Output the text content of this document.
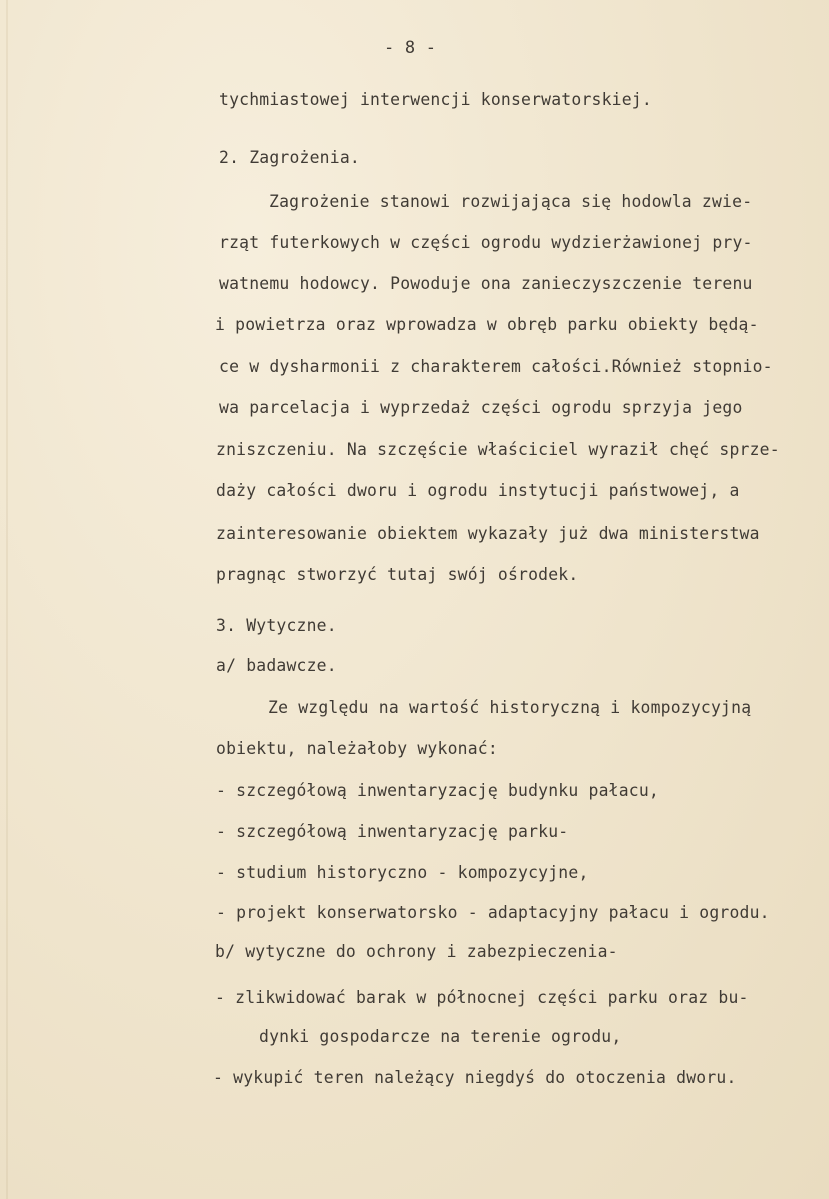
- 8 -
tychmiastowej interwencji konserwatorskiej.
2. Zagrożenia.
Zagrożenie stanowi rozwijająca się hodowla zwie-
rząt futerkowych w części ogrodu wydzierżawionej pry-
watnemu hodowcy. Powoduje ona zanieczyszczenie terenu
i powietrza oraz wprowadza w obręb parku obiekty będą-
ce w dysharmonii z charakterem całości.Również stopnio-
wa parcelacja i wyprzedaż części ogrodu sprzyja jego
zniszczeniu. Na szczęście właściciel wyraził chęć sprze-
daży całości dworu i ogrodu instytucji państwowej, a
zainteresowanie obiektem wykazały już dwa ministerstwa
pragnąc stworzyć tutaj swój ośrodek.
3. Wytyczne.
a/ badawcze.
Ze względu na wartość historyczną i kompozycyjną
obiektu, należałoby wykonać:
- szczegółową inwentaryzację budynku pałacu,
- szczegółową inwentaryzację parku-
- studium historyczno - kompozycyjne,
- projekt konserwatorsko - adaptacyjny pałacu i ogrodu.
b/ wytyczne do ochrony i zabezpieczenia-
- zlikwidować barak w północnej części parku oraz bu-
dynki gospodarcze na terenie ogrodu,
- wykupić teren należący niegdyś do otoczenia dworu.
